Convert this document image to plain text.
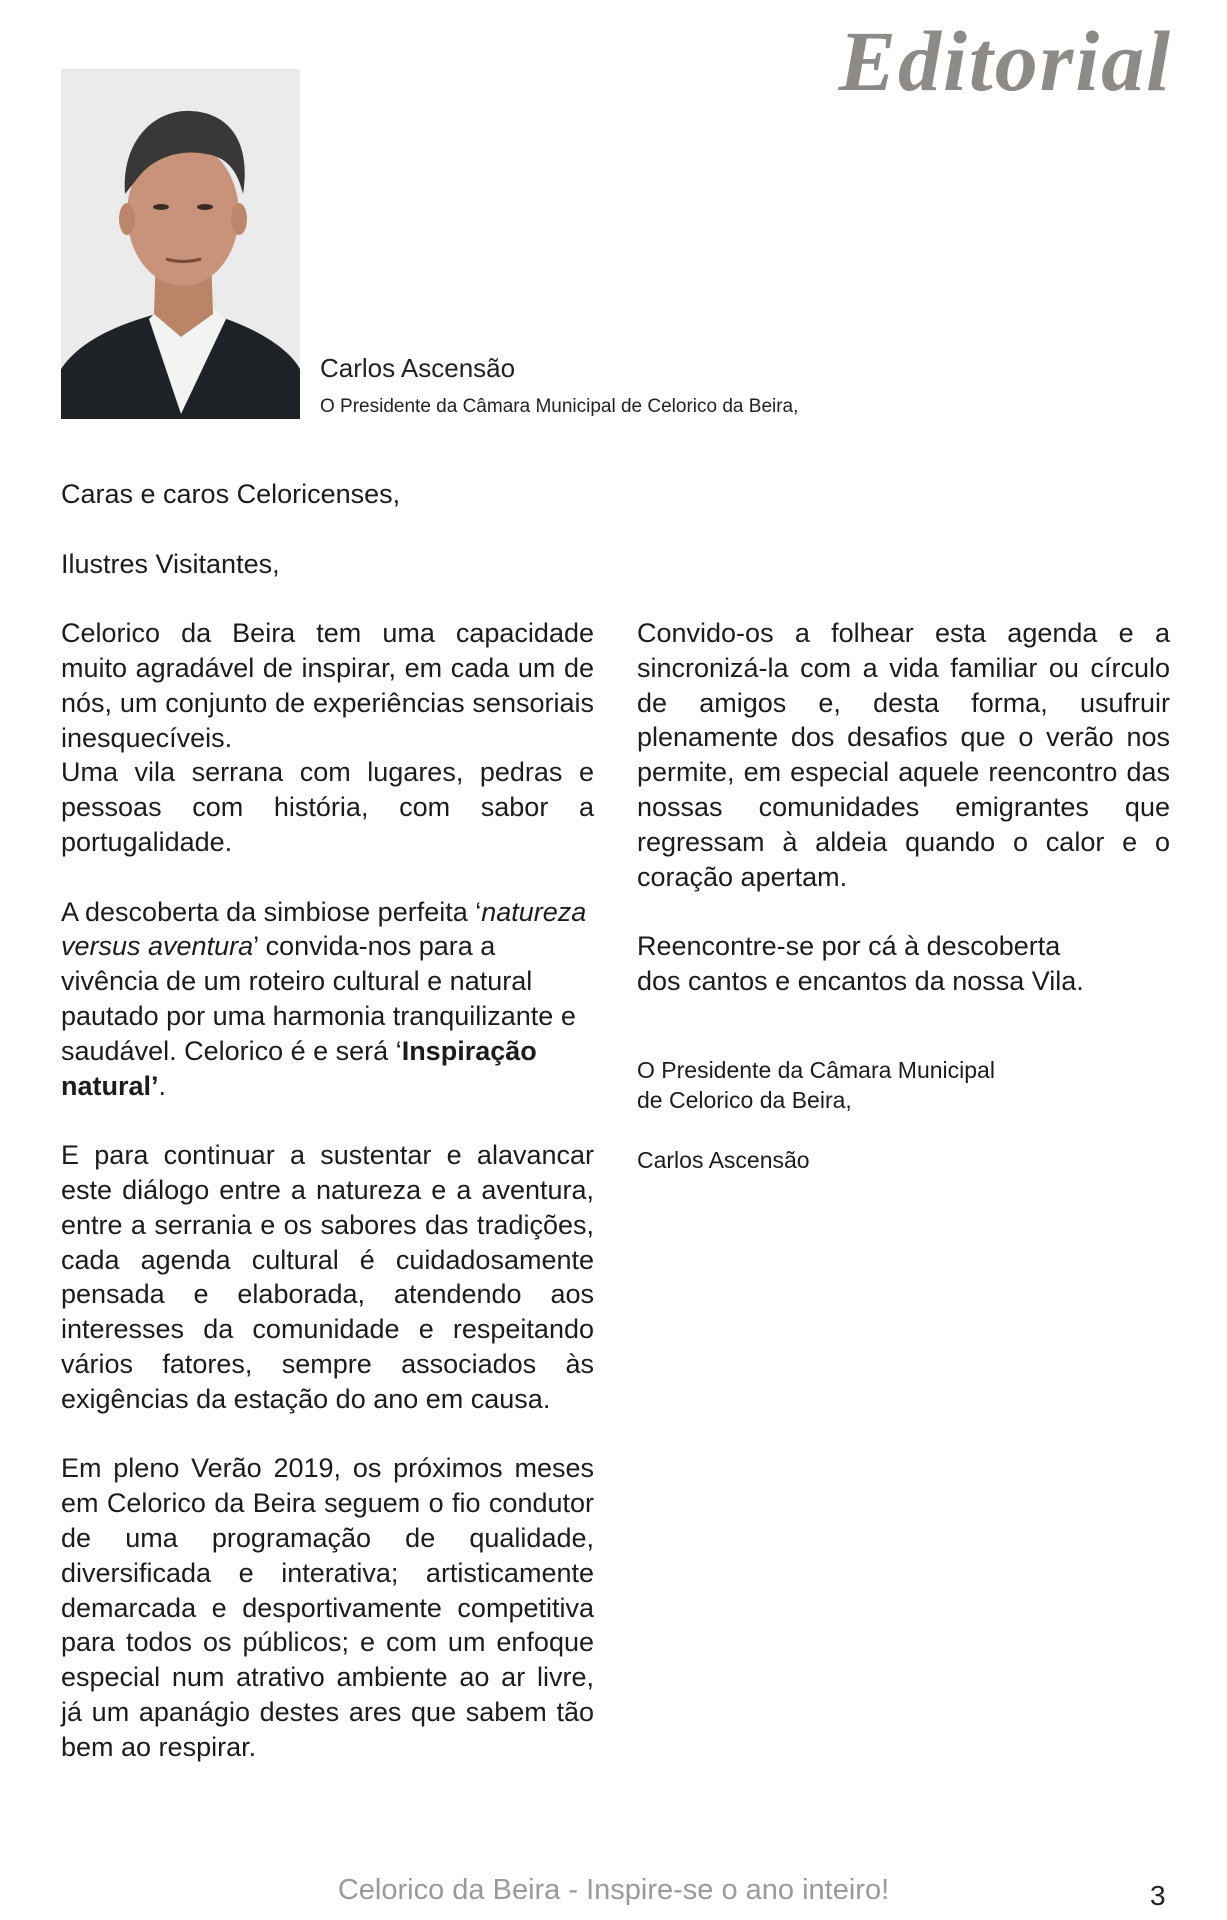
Editorial
Carlos Ascensão
O Presidente da Câmara Municipal de Celorico da Beira,

Caras e caros Celoricenses,

Ilustres Visitantes,

Celorico da Beira tem uma capacidade muito agradável de inspirar, em cada um de nós, um conjunto de experiências sensoriais inesquecíveis.

Uma vila serrana com lugares, pedras e pessoas com história, com sabor a portugalidade.

A descoberta da simbiose perfeita ‘natureza versus aventura’ convida-nos para a vivência de um roteiro cultural e natural pautado por uma harmonia tranquilizante e saudável. Celorico é e será ‘Inspiração natural’.

E para continuar a sustentar e alavancar este diálogo entre a natureza e a aventura, entre a serrania e os sabores das tradições, cada agenda cultural é cuidadosamente pensada e elaborada, atendendo aos interesses da comunidade e respeitando vários fatores, sempre associados às exigências da estação do ano em causa.

Em pleno Verão 2019, os próximos meses em Celorico da Beira seguem o fio condutor de uma programação de qualidade, diversificada e interativa; artisticamente demarcada e desportivamente competitiva para todos os públicos; e com um enfoque especial num atrativo ambiente ao ar livre, já um apanágio destes ares que sabem tão bem ao respirar.

Convido-os a folhear esta agenda e a sincronizá-la com a vida familiar ou círculo de amigos e, desta forma, usufruir plenamente dos desafios que o verão nos permite, em especial aquele reencontro das nossas comunidades emigrantes que regressam à aldeia quando o calor e o coração apertam.

Reencontre-se por cá à descoberta

dos cantos e encantos da nossa Vila.

O Presidente da Câmara Municipal

de Celorico da Beira,

Carlos Ascensão

Celorico da Beira - Inspire-se o ano inteiro!	3
